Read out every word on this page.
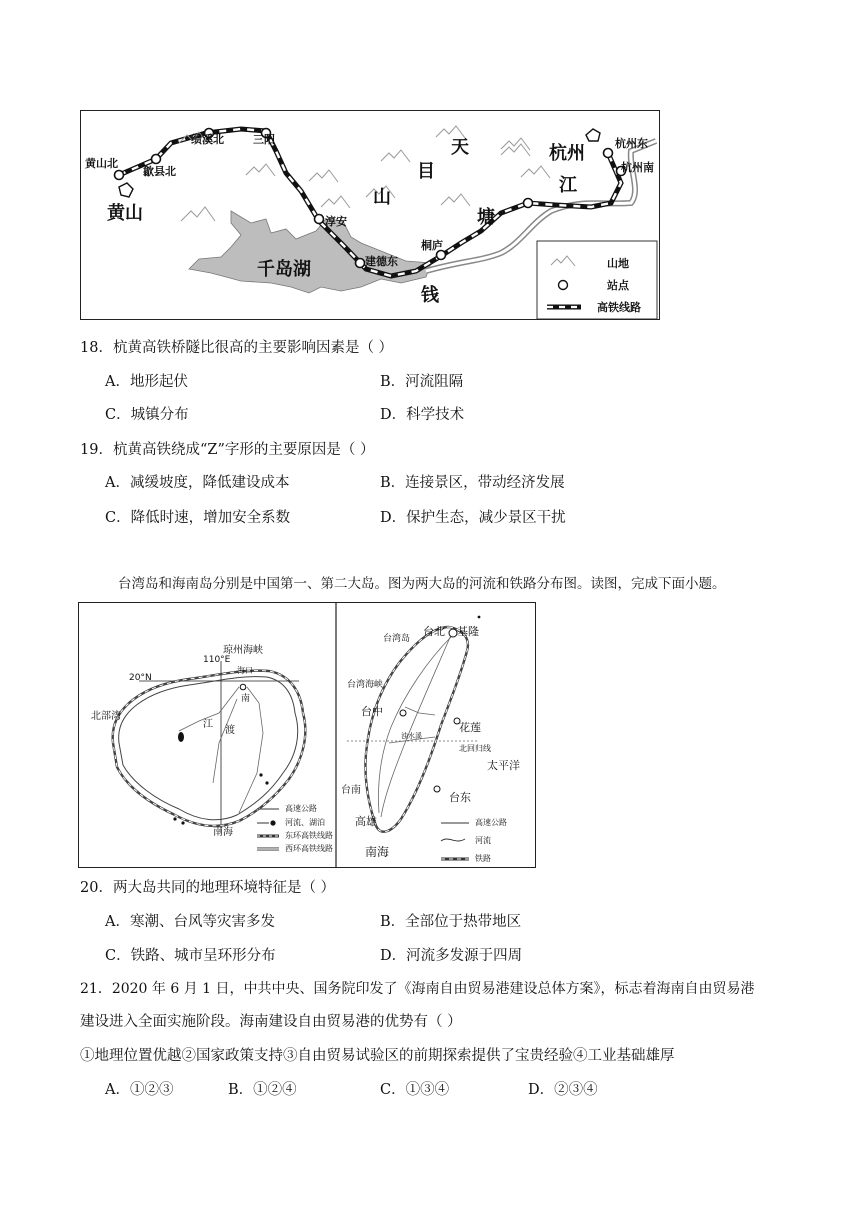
黄山北
歙县北
绩溪北	三阳
淳安
建德东
桐庐
杭州东
杭州南
黄山
千岛湖
天
目
山
杭州
江
塘
钱
山地
站点
高铁线路
18．杭黄高铁桥隧比很高的主要影响因素是（ ）
A．地形起伏	B．河流阻隔
C．城镇分布	D．科学技术
19．杭黄高铁绕成“Z”字形的主要原因是（ ）
A．减缓坡度，降低建设成本	B．连接景区，带动经济发展
C．降低时速，增加安全系数	D．保护生态，减少景区干扰
台湾岛和海南岛分别是中国第一、第二大岛。图为两大岛的河流和铁路分布图。读图，完成下面小题。
琼州海峡
110°E
20°N
北部湾
海口
南
江
渡
南海
高速公路
河流、湖泊
东环高铁线路
西环高铁线路
台湾岛
台北 基隆
台湾海峡
台中
花莲
浊水溪
北回归线
太平洋
台南
台东
高雄
南海
高速公路
河流
铁路
20．两大岛共同的地理环境特征是（ ）
A．寒潮、台风等灾害多发	B．全部位于热带地区
C．铁路、城市呈环形分布	D．河流多发源于四周
21．2020 年 6 月 1 日，中共中央、国务院印发了《海南自由贸易港建设总体方案》，标志着海南自由贸易港
建设进入全面实施阶段。海南建设自由贸易港的优势有（ ）
①地理位置优越②国家政策支持③自由贸易试验区的前期探索提供了宝贵经验④工业基础雄厚
A．①②③	B．①②④	C．①③④	D．②③④
